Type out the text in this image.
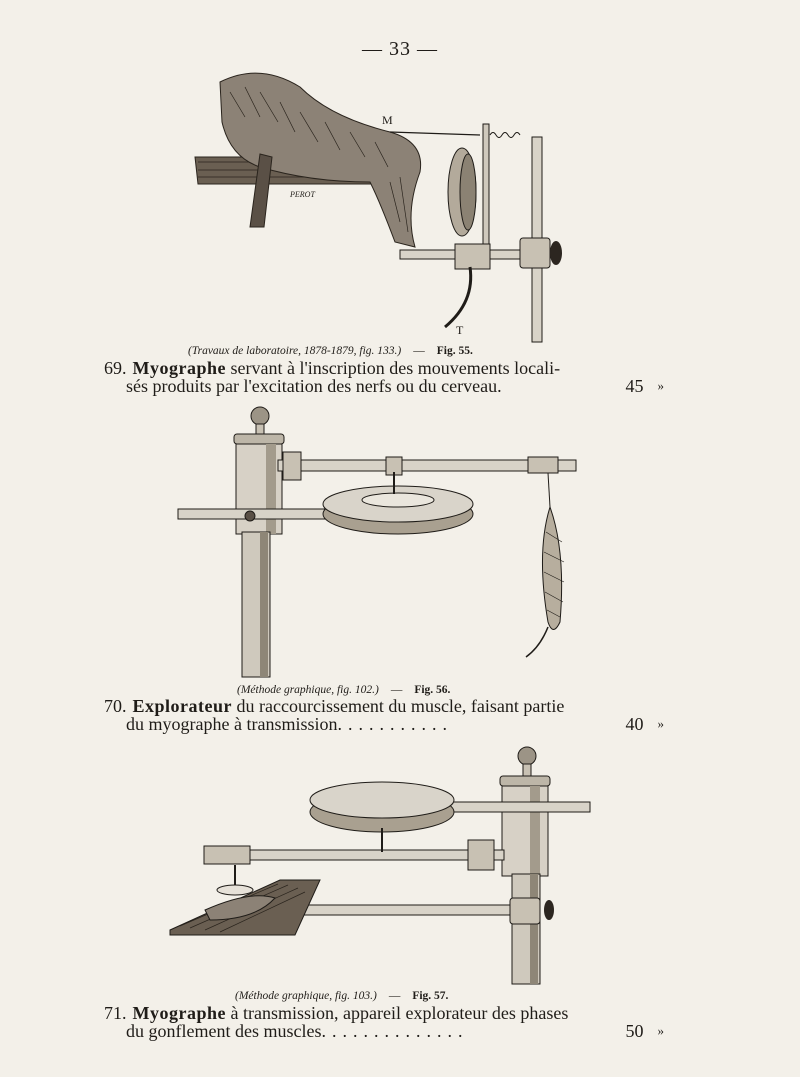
— 33 —
M
PEROT
T
(Travaux de laboratoire, 1878-1879, fig. 133.) — Fig. 55.
69. Myographe servant à l'inscription des mouvements locali-
sés produits par l'excitation des nerfs ou du cerveau.	45 »
(Méthode graphique, fig. 102.) — Fig. 56.
70. Explorateur du raccourcissement du muscle, faisant partie
du myographe à transmission ...........	40 »
(Méthode graphique, fig. 103.) — Fig. 57.
71. Myographe à transmission, appareil explorateur des phases
du gonflement des muscles ..............	50 »
